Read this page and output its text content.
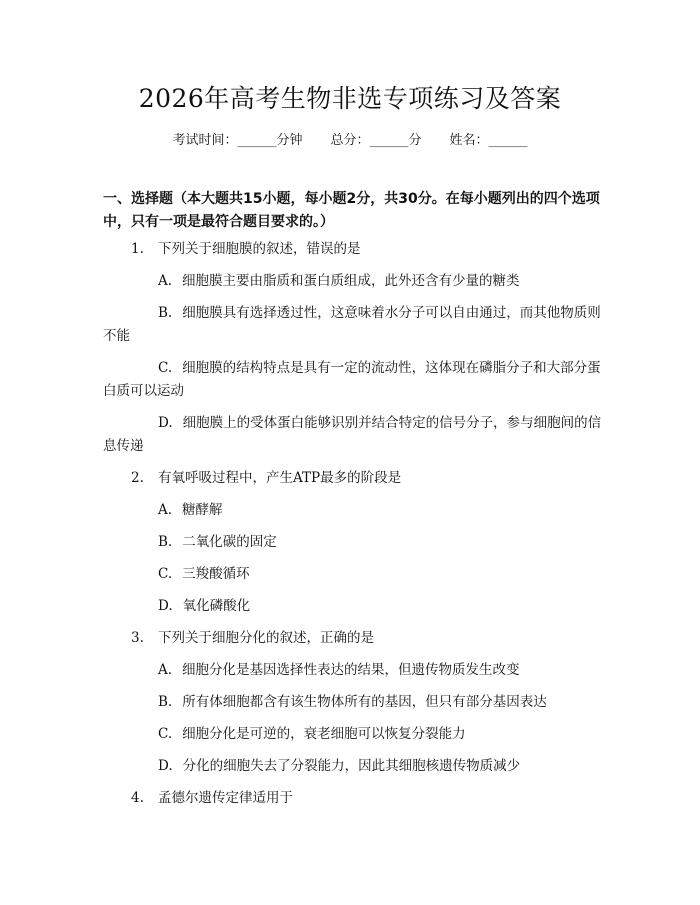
2026年高考生物非选专项练习及答案
考试时间：______分钟 总分：______分 姓名：______
一、选择题（本大题共15小题，每小题2分，共30分。在每小题列出的四个选项中，只有一项是最符合题目要求的。）
1. 下列关于细胞膜的叙述，错误的是
A. 细胞膜主要由脂质和蛋白质组成，此外还含有少量的糖类
B. 细胞膜具有选择透过性，这意味着水分子可以自由通过，而其他物质则不能
C. 细胞膜的结构特点是具有一定的流动性，这体现在磷脂分子和大部分蛋白质可以运动
D. 细胞膜上的受体蛋白能够识别并结合特定的信号分子，参与细胞间的信息传递
2. 有氧呼吸过程中，产生ATP最多的阶段是
A. 糖酵解
B. 二氧化碳的固定
C. 三羧酸循环
D. 氧化磷酸化
3. 下列关于细胞分化的叙述，正确的是
A. 细胞分化是基因选择性表达的结果，但遗传物质发生改变
B. 所有体细胞都含有该生物体所有的基因，但只有部分基因表达
C. 细胞分化是可逆的，衰老细胞可以恢复分裂能力
D. 分化的细胞失去了分裂能力，因此其细胞核遗传物质减少
4. 孟德尔遗传定律适用于
